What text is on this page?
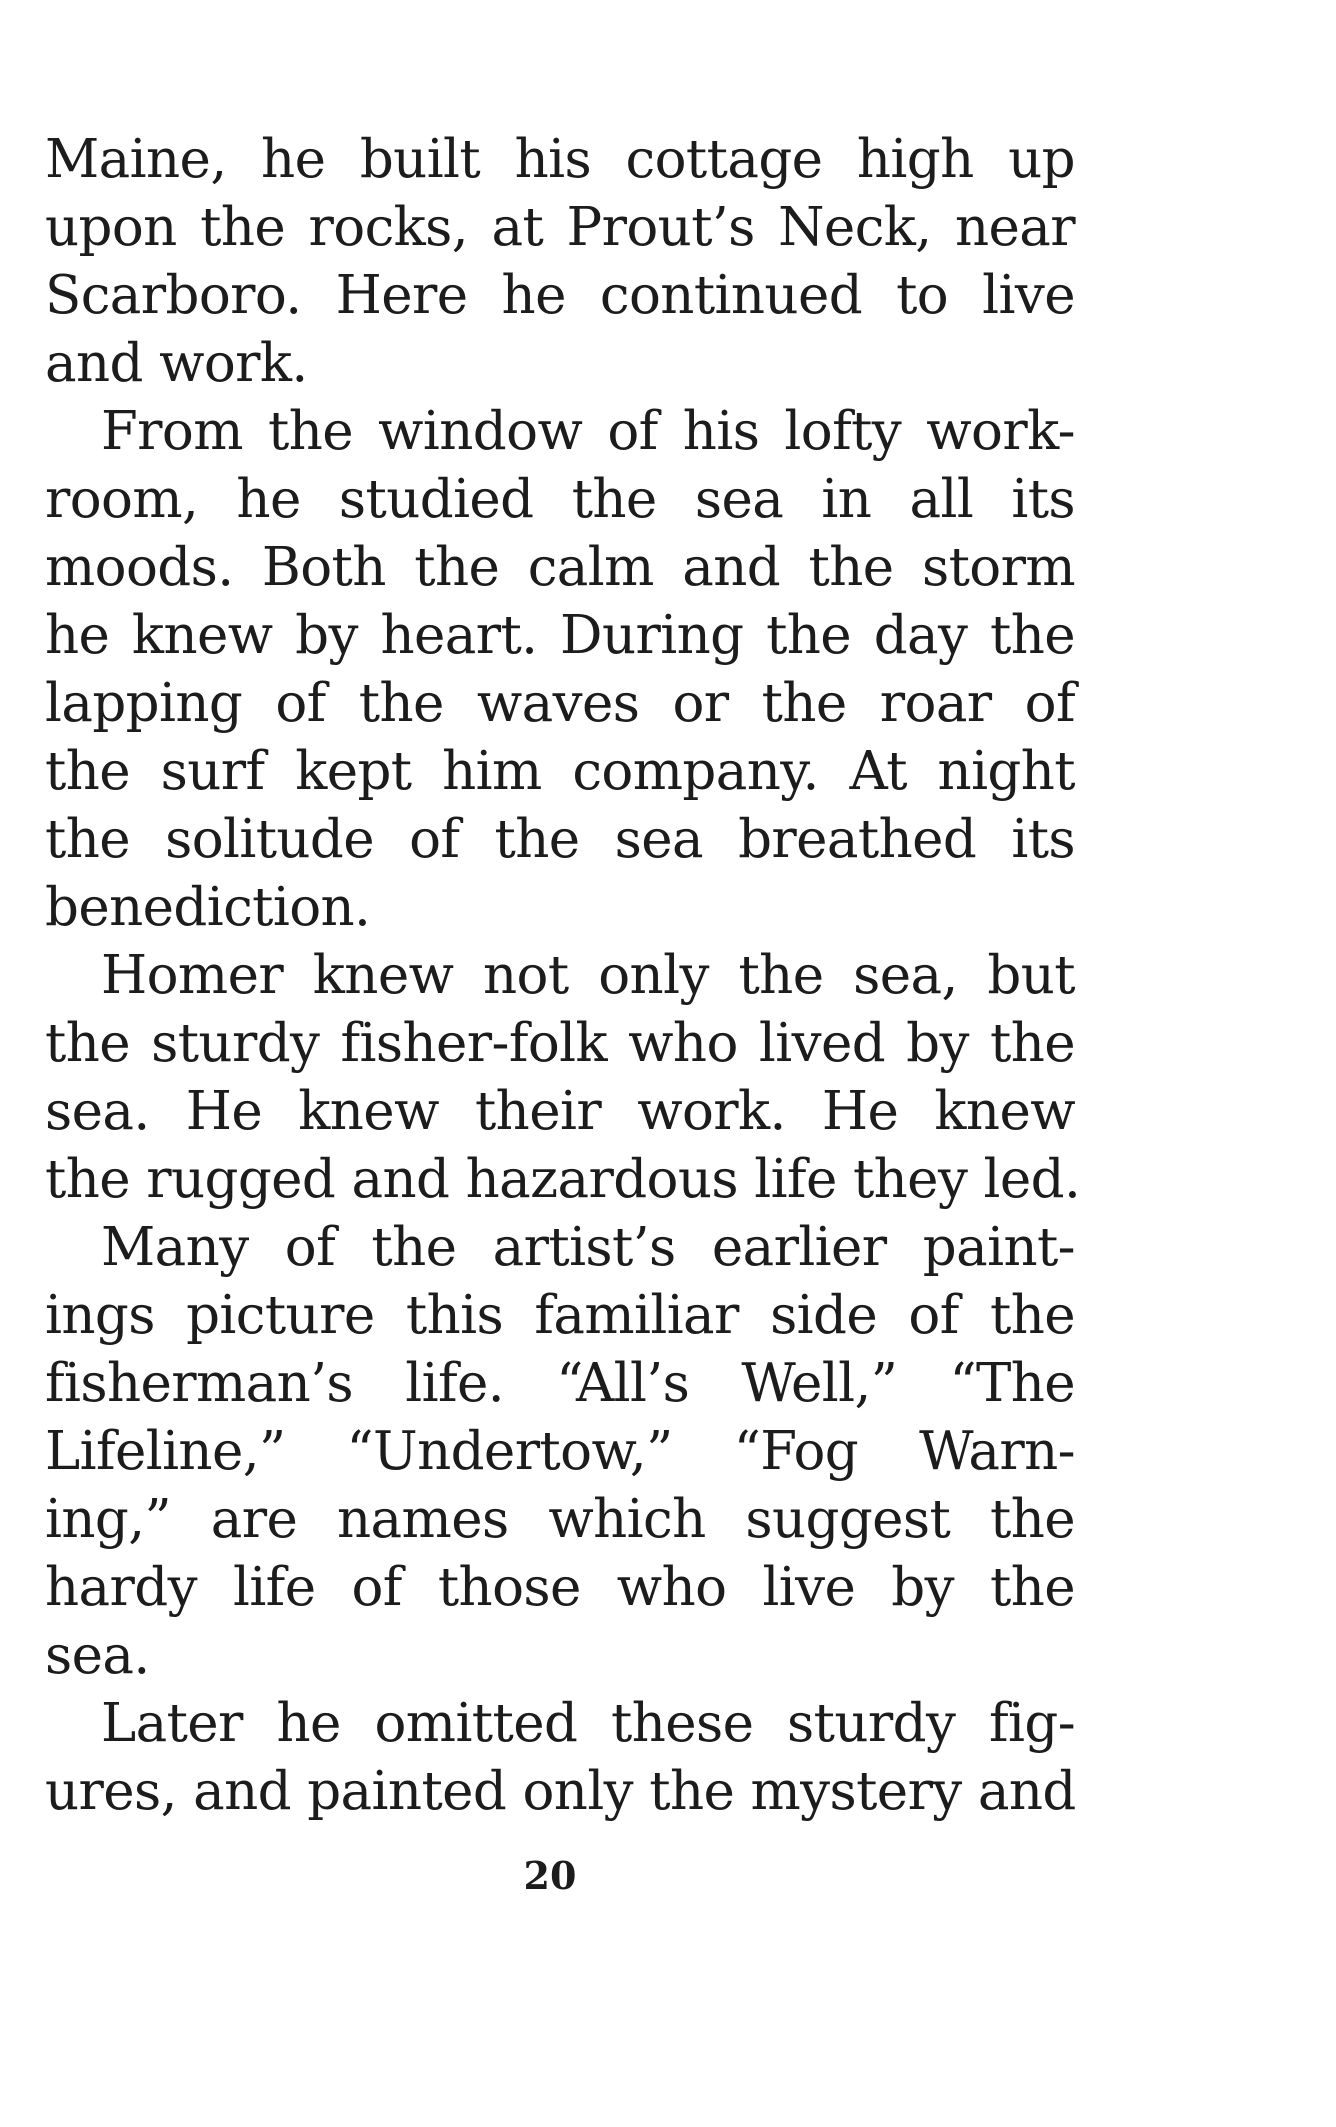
Maine, he built his cottage high up
upon the rocks, at Prout’s Neck, near
Scarboro. Here he continued to live
and work.
From the window of his lofty work-
room, he studied the sea in all its
moods. Both the calm and the storm
he knew by heart. During the day the
lapping of the waves or the roar of
the surf kept him company. At night
the solitude of the sea breathed its
benediction.
Homer knew not only the sea, but
the sturdy fisher-folk who lived by the
sea. He knew their work. He knew
the rugged and hazardous life they led.
Many of the artist’s earlier paint-
ings picture this familiar side of the
fisherman’s life. “All’s Well,” “The
Lifeline,” “Undertow,” “Fog Warn-
ing,” are names which suggest the
hardy life of those who live by the
sea.
Later he omitted these sturdy fig-
ures, and painted only the mystery and
20
